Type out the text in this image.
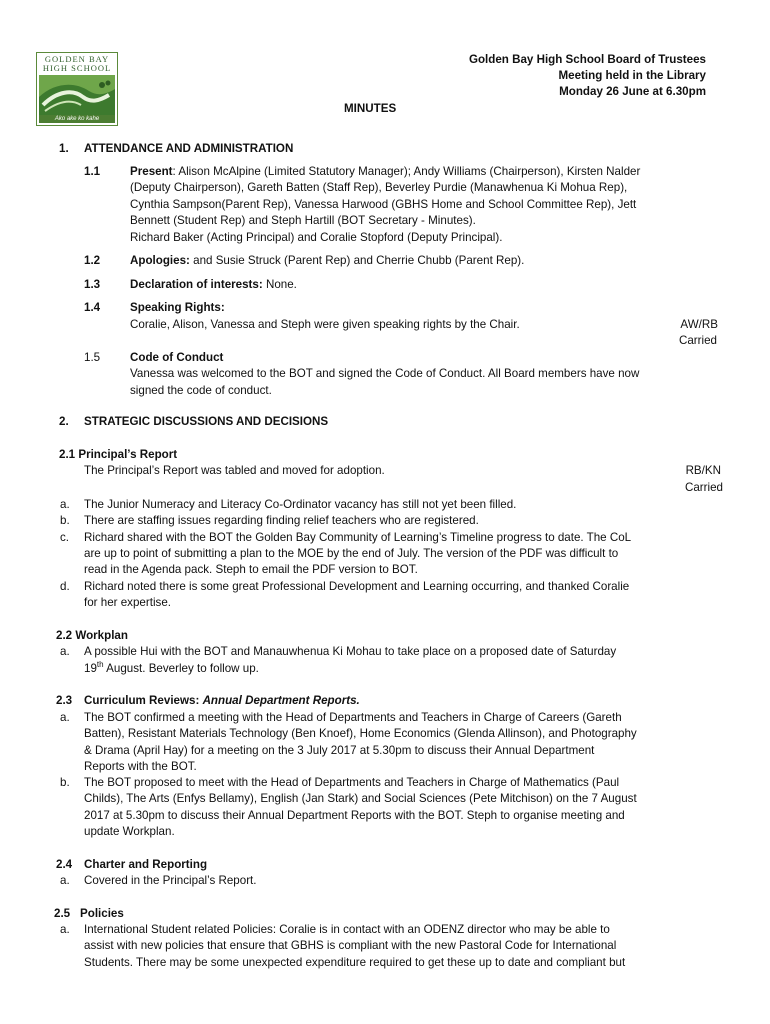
GOLDEN BAY
HIGH SCHOOL
Ako ake ko kahe
Golden Bay High School Board of Trustees
Meeting held in the Library
Monday 26 June at 6.30pm
MINUTES
1. ATTENDANCE AND ADMINISTRATION
1.1	Present: Alison McAlpine (Limited Statutory Manager); Andy Williams (Chairperson), Kirsten Nalder
(Deputy Chairperson), Gareth Batten (Staff Rep), Beverley Purdie (Manawhenua Ki Mohua Rep),
Cynthia Sampson(Parent Rep), Vanessa Harwood (GBHS Home and School Committee Rep), Jett
Bennett (Student Rep) and Steph Hartill (BOT Secretary - Minutes).
Richard Baker (Acting Principal) and Coralie Stopford (Deputy Principal).
1.2	Apologies: and Susie Struck (Parent Rep) and Cherrie Chubb (Parent Rep).
1.3	Declaration of interests: None.
1.4	Speaking Rights:
Coralie, Alison, Vanessa and Steph were given speaking rights by the Chair.	AW/RB
Carried
1.5	Code of Conduct
Vanessa was welcomed to the BOT and signed the Code of Conduct. All Board members have now
signed the code of conduct.
2. STRATEGIC DISCUSSIONS AND DECISIONS
2.1 Principal’s Report
The Principal’s Report was tabled and moved for adoption.	RB/KN
Carried
a. The Junior Numeracy and Literacy Co-Ordinator vacancy has still not yet been filled.
b. There are staffing issues regarding finding relief teachers who are registered.
c. Richard shared with the BOT the Golden Bay Community of Learning’s Timeline progress to date. The CoL
are up to point of submitting a plan to the MOE by the end of July. The version of the PDF was difficult to
read in the Agenda pack. Steph to email the PDF version to BOT.
d. Richard noted there is some great Professional Development and Learning occurring, and thanked Coralie
for her expertise.
2.2 Workplan
a. A possible Hui with the BOT and Manauwhenua Ki Mohau to take place on a proposed date of Saturday
19th August. Beverley to follow up.
2.3 Curriculum Reviews: Annual Department Reports.
a. The BOT confirmed a meeting with the Head of Departments and Teachers in Charge of Careers (Gareth
Batten), Resistant Materials Technology (Ben Knoef), Home Economics (Glenda Allinson), and Photography
& Drama (April Hay) for a meeting on the 3 July 2017 at 5.30pm to discuss their Annual Department
Reports with the BOT.
b. The BOT proposed to meet with the Head of Departments and Teachers in Charge of Mathematics (Paul
Childs), The Arts (Enfys Bellamy), English (Jan Stark) and Social Sciences (Pete Mitchison) on the 7 August
2017 at 5.30pm to discuss their Annual Department Reports with the BOT. Steph to organise meeting and
update Workplan.
2.4 Charter and Reporting
a. Covered in the Principal’s Report.
2.5 Policies
a. International Student related Policies: Coralie is in contact with an ODENZ director who may be able to
assist with new policies that ensure that GBHS is compliant with the new Pastoral Code for International
Students. There may be some unexpected expenditure required to get these up to date and compliant but
